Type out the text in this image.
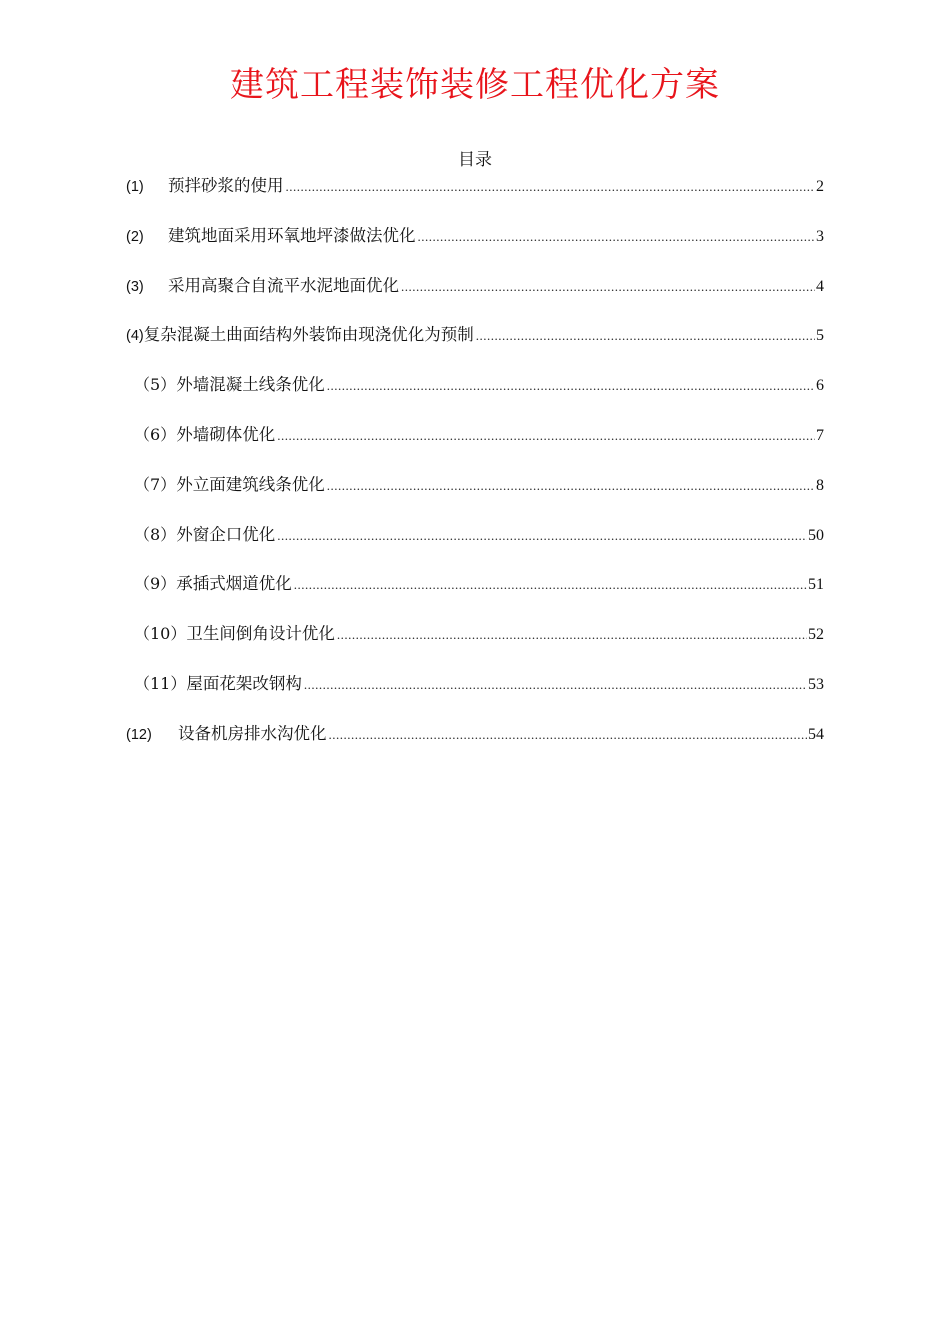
建筑工程装饰装修工程优化方案
目录
(1)	预拌砂浆的使用 .....	2
(2)	建筑地面采用环氧地坪漆做法优化 .....	3
(3)	采用高聚合自流平水泥地面优化 .....	4
(4) 复杂混凝土曲面结构外装饰由现浇优化为预制 .....	5
（5） 外墙混凝土线条优化 .....	6
（6） 外墙砌体优化 .....	7
（7） 外立面建筑线条优化 .....	8
（8） 外窗企口优化 .....	50
（9） 承插式烟道优化 .....	51
（10） 卫生间倒角设计优化 .....	52
（11） 屋面花架改钢构 .....	53
(12)	设备机房排水沟优化 .....	54
